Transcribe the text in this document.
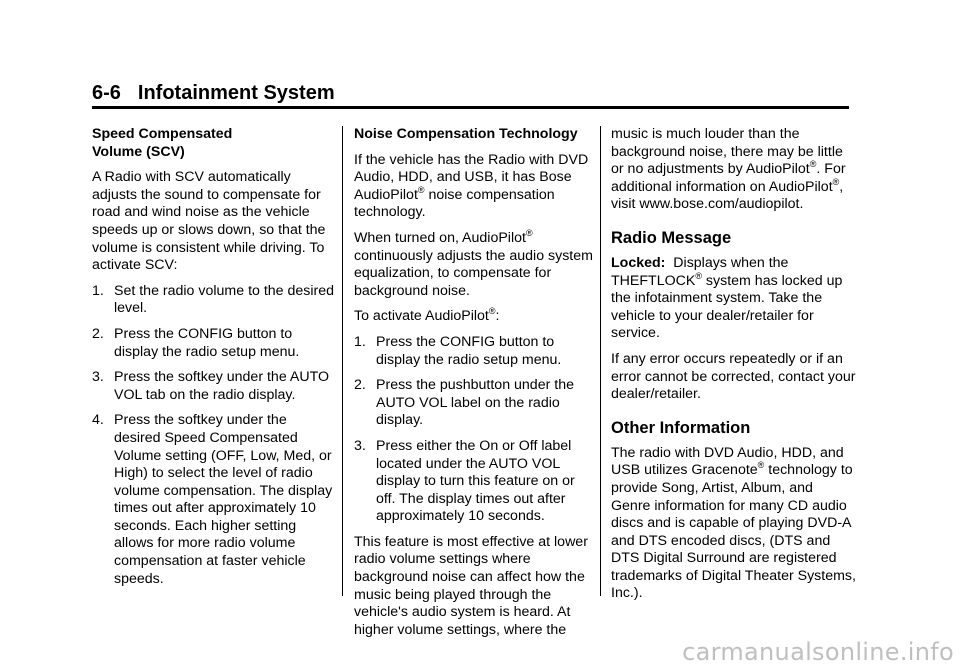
6-6 Infotainment System

Speed Compensated
Volume (SCV)

A Radio with SCV automatically adjusts the sound to compensate for road and wind noise as the vehicle speeds up or slows down, so that the volume is consistent while driving. To activate SCV:

1. Set the radio volume to the desired level.
2. Press the CONFIG button to display the radio setup menu.
3. Press the softkey under the AUTO VOL tab on the radio display.
4. Press the softkey under the desired Speed Compensated Volume setting (OFF, Low, Med, or High) to select the level of radio volume compensation. The display times out after approximately 10 seconds. Each higher setting allows for more radio volume compensation at faster vehicle speeds.

Noise Compensation Technology

If the vehicle has the Radio with DVD Audio, HDD, and USB, it has Bose AudioPilot® noise compensation technology.

When turned on, AudioPilot® continuously adjusts the audio system equalization, to compensate for background noise.

To activate AudioPilot®:

1. Press the CONFIG button to display the radio setup menu.
2. Press the pushbutton under the AUTO VOL label on the radio display.
3. Press either the On or Off label located under the AUTO VOL display to turn this feature on or off. The display times out after approximately 10 seconds.

This feature is most effective at lower radio volume settings where background noise can affect how the music being played through the vehicle's audio system is heard. At higher volume settings, where the

music is much louder than the background noise, there may be little or no adjustments by AudioPilot®. For additional information on AudioPilot®, visit www.bose.com/audiopilot.

Radio Message

Locked:  Displays when the THEFTLOCK® system has locked up the infotainment system. Take the vehicle to your dealer/retailer for service.

If any error occurs repeatedly or if an error cannot be corrected, contact your dealer/retailer.

Other Information

The radio with DVD Audio, HDD, and USB utilizes Gracenote® technology to provide Song, Artist, Album, and Genre information for many CD audio discs and is capable of playing DVD-A and DTS encoded discs, (DTS and DTS Digital Surround are registered trademarks of Digital Theater Systems, Inc.).

carmanualsonline.info
